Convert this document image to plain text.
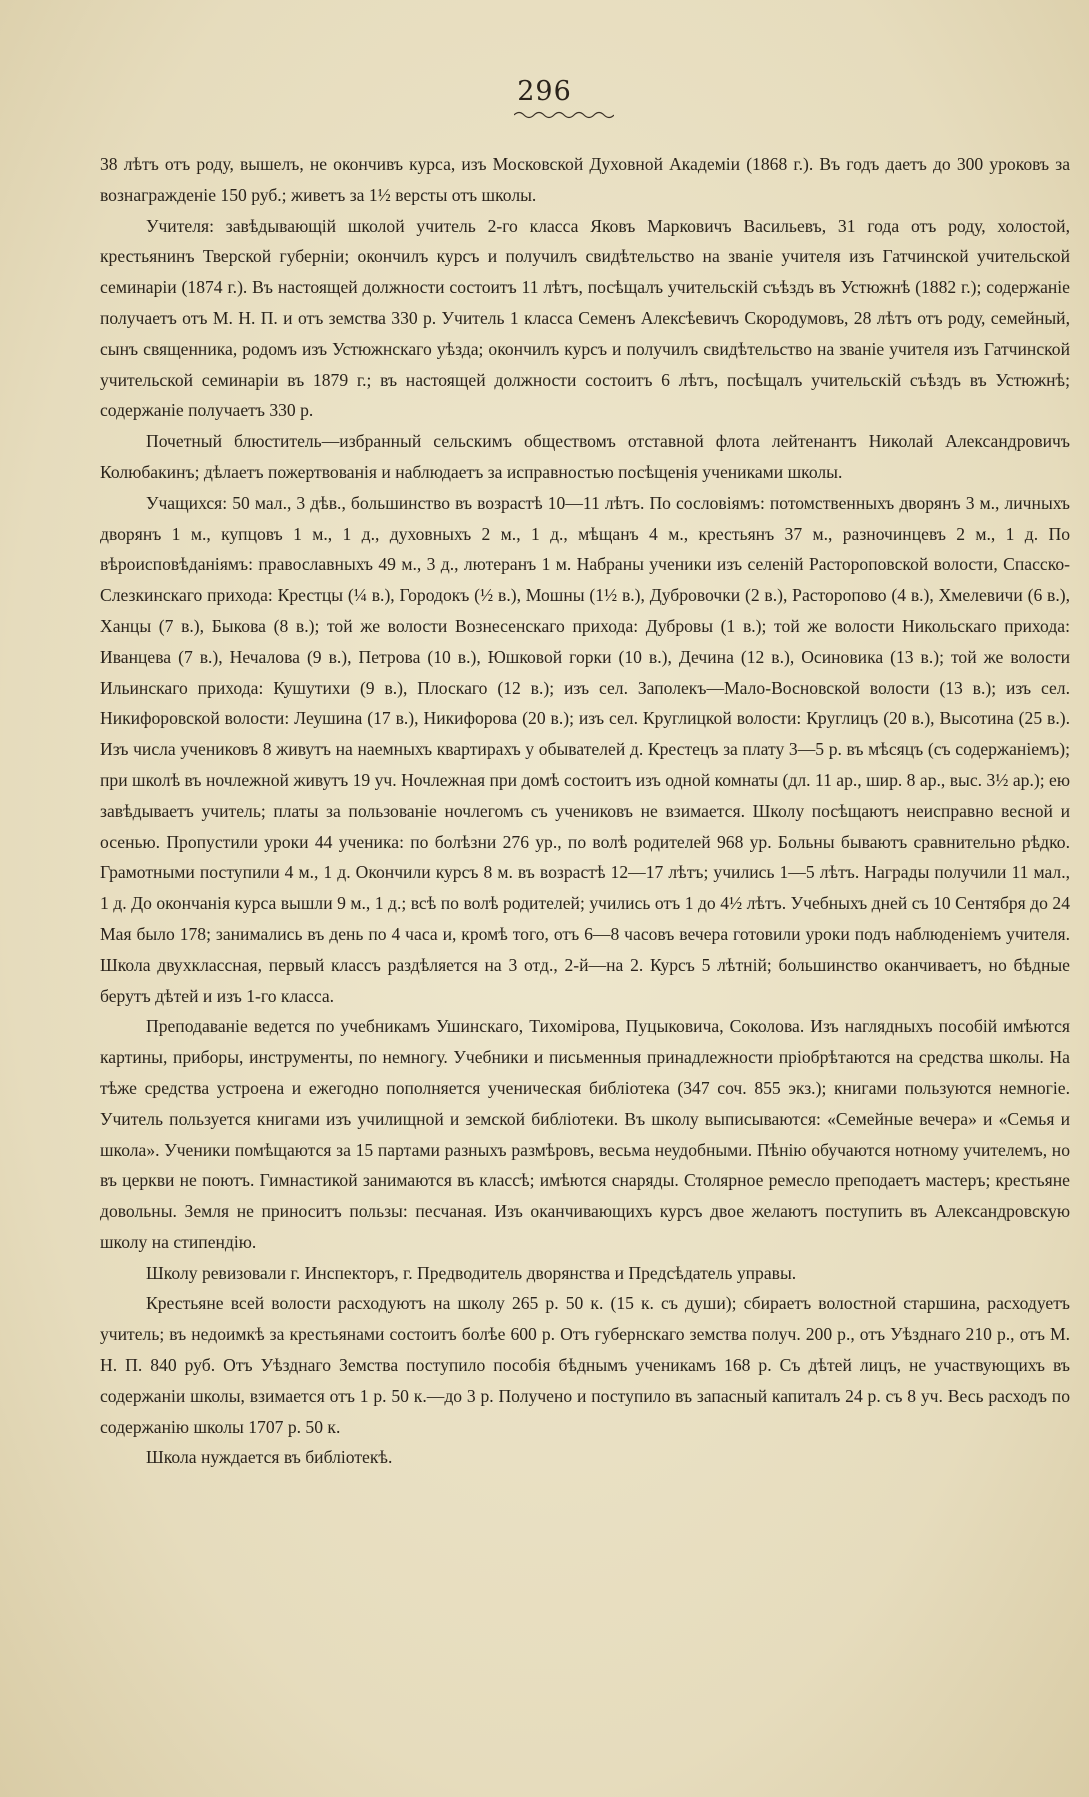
296

38 лѣтъ отъ роду, вышелъ, не окончивъ курса, изъ Московской Духовной Академіи (1868 г.). Въ годъ даетъ до 300 уроковъ за вознагражденіе 150 руб.; живетъ за 1½ версты отъ школы.

Учителя: завѣдывающій школой учитель 2-го класса Яковъ Марковичъ Васильевъ, 31 года отъ роду, холостой, крестьянинъ Тверской губерніи; окончилъ курсъ и получилъ свидѣтельство на званіе учителя изъ Гатчинской учительской семинаріи (1874 г.). Въ настоящей должности состоитъ 11 лѣтъ, посѣщалъ учительскій съѣздъ въ Устюжнѣ (1882 г.); содержаніе получаетъ отъ М. Н. П. и отъ земства 330 р. Учитель 1 класса Семенъ Алексѣевичъ Скородумовъ, 28 лѣтъ отъ роду, семейный, сынъ священника, родомъ изъ Устюжнскаго уѣзда; окончилъ курсъ и получилъ свидѣтельство на званіе учителя изъ Гатчинской учительской семинаріи въ 1879 г.; въ настоящей должности состоитъ 6 лѣтъ, посѣщалъ учительскій съѣздъ въ Устюжнѣ; содержаніе получаетъ 330 р.

Почетный блюститель—избранный сельскимъ обществомъ отставной флота лейтенантъ Николай Александровичъ Колюбакинъ; дѣлаетъ пожертвованія и наблюдаетъ за исправностью посѣщенія учениками школы.

Учащихся: 50 мал., 3 дѣв., большинство въ возрастѣ 10—11 лѣтъ. По сословіямъ: потомственныхъ дворянъ 3 м., личныхъ дворянъ 1 м., купцовъ 1 м., 1 д., духовныхъ 2 м., 1 д., мѣщанъ 4 м., крестьянъ 37 м., разночинцевъ 2 м., 1 д. По вѣроисповѣданіямъ: православныхъ 49 м., 3 д., лютеранъ 1 м. Набраны ученики изъ селеній Расторопoвской волости, Спасско-Слезкинскаго прихода: Крестцы (¼ в.), Городокъ (½ в.), Мошны (1½ в.), Дубровочки (2 в.), Расторопово (4 в.), Хмелевичи (6 в.), Ханцы (7 в.), Быкова (8 в.); той же волости Вознесенскаго прихода: Дубровы (1 в.); той же волости Никольскаго прихода: Иванцева (7 в.), Нечалова (9 в.), Петрова (10 в.), Юшковой горки (10 в.), Дечина (12 в.), Осиновика (13 в.); той же волости Ильинскаго прихода: Кушутихи (9 в.), Плоскаго (12 в.); изъ сел. Заполекъ—Мало-Восновской волости (13 в.); изъ сел. Никифоровской волости: Леушина (17 в.), Никифорова (20 в.); изъ сел. Круглицкой волости: Круглицъ (20 в.), Высотина (25 в.). Изъ числа учениковъ 8 живутъ на наемныхъ квартирахъ у обывателей д. Крестецъ за плату 3—5 р. въ мѣсяцъ (съ содержаніемъ); при школѣ въ ночлежной живутъ 19 уч. Ночлежная при домѣ состоитъ изъ одной комнаты (дл. 11 ар., шир. 8 ар., выс. 3½ ар.); ею завѣдываетъ учитель; платы за пользованіе ночлегомъ съ учениковъ не взимается. Школу посѣщаютъ неисправно весной и осенью. Пропустили уроки 44 ученика: по болѣзни 276 ур., по волѣ родителей 968 ур. Больны бываютъ сравнительно рѣдко. Грамотными поступили 4 м., 1 д. Окончили курсъ 8 м. въ возрастѣ 12—17 лѣтъ; учились 1—5 лѣтъ. Награды получили 11 мал., 1 д. До окончанія курса вышли 9 м., 1 д.; всѣ по волѣ родителей; учились отъ 1 до 4½ лѣтъ. Учебныхъ дней съ 10 Сентября до 24 Мая было 178; занимались въ день по 4 часа и, кромѣ того, отъ 6—8 часовъ вечера готовили уроки подъ наблюденіемъ учителя. Школа двухклассная, первый классъ раздѣляется на 3 отд., 2-й—на 2. Курсъ 5 лѣтній; большинство оканчиваетъ, но бѣдные берутъ дѣтей и изъ 1-го класса.

Преподаваніе ведется по учебникамъ Ушинскаго, Тихоміровa, Пуцыковича, Соколова. Изъ наглядныхъ пособій имѣются картины, приборы, инструменты, по немногу. Учебники и письменныя принадлежности пріобрѣтаются на средства школы. На тѣже средства устроена и ежегодно пополняется ученическая библіотека (347 соч. 855 экз.); книгами пользуются немногіе. Учитель пользуется книгами изъ училищной и земской библіотеки. Въ школу выписываются: «Семейные вечера» и «Семья и школа». Ученики помѣщаются за 15 партами разныхъ размѣровъ, весьма неудобными. Пѣнію обучаются нотному учителемъ, но въ церкви не поютъ. Гимнастикой занимаются въ классѣ; имѣются снаряды. Столярное ремесло преподаетъ мастеръ; крестьяне довольны. Земля не приноситъ пользы: песчаная. Изъ оканчивающихъ курсъ двое желаютъ поступить въ Александровскую школу на стипендію.

Школу ревизовали г. Инспекторъ, г. Предводитель дворянства и Предсѣдатель управы.

Крестьяне всей волости расходуютъ на школу 265 р. 50 к. (15 к. съ души); сбираетъ волостной старшина, расходуетъ учитель; въ недоимкѣ за крестьянами состоитъ болѣе 600 р. Отъ губернскаго земства получ. 200 р., отъ Уѣзднаго 210 р., отъ М. Н. П. 840 руб. Отъ Уѣзднаго Земства поступило пособія бѣднымъ ученикамъ 168 р. Съ дѣтей лицъ, не участвующихъ въ содержаніи школы, взимается отъ 1 р. 50 к.—до 3 р. Получено и поступило въ запасный капиталъ 24 р. съ 8 уч. Весь расходъ по содержанію школы 1707 р. 50 к.

Школа нуждается въ библіотекѣ.
